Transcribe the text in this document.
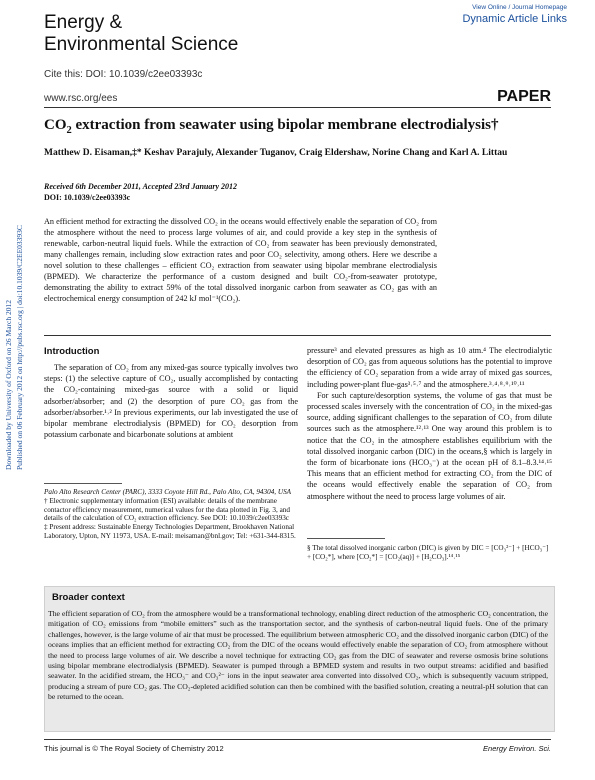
Energy &
Environmental Science
View Online / Journal Homepage
Dynamic Article Links
Cite this: DOI: 10.1039/c2ee03393c
www.rsc.org/ees	PAPER
Downloaded by University of Oxford on 26 March 2012 Published on 06 February 2012 on http://pubs.rsc.org | doi:10.1039/C2EE03393C
$CO_2$ extraction from seawater using bipolar membrane electrodialysis†
Matthew D. Eisaman,‡* Keshav Parajuly, Alexander Tuganov, Craig Eldershaw, Norine Chang and Karl A. Littau
Received 6th December 2011, Accepted 23rd January 2012
DOI: 10.1039/c2ee03393c
An efficient method for extracting the dissolved CO₂ in the oceans would effectively enable the separation of CO₂ from the atmosphere without the need to process large volumes of air, and could provide a key step in the synthesis of renewable, carbon-neutral liquid fuels. While the extraction of CO₂ from seawater has been previously demonstrated, many challenges remain, including slow extraction rates and poor CO₂ selectivity, among others. Here we describe a novel solution to these challenges – efficient CO₂ extraction from seawater using bipolar membrane electrodialysis (BPMED). We characterize the performance of a custom designed and built CO₂-from-seawater prototype, demonstrating the ability to extract 59% of the total dissolved inorganic carbon from seawater as CO₂ gas with an electrochemical energy consumption of 242 kJ mol⁻¹(CO₂).
Introduction

The separation of CO₂ from any mixed-gas source typically involves two steps: (1) the selective capture of CO₂, usually accomplished by contacting the CO₂-containing mixed-gas source with a solid or liquid adsorber/absorber; and (2) the desorption of pure CO₂ gas from the adsorber/absorber.¹˒² In previous experiments, our lab investigated the use of bipolar membrane electrodialysis (BPMED) for CO₂ desorption from potassium carbonate and bicarbonate solutions at ambient

pressure³ and elevated pressures as high as 10 atm.⁴ The electrodialytic desorption of CO₂ gas from aqueous solutions has the potential to improve the efficiency of CO₂ separation from a wide array of mixed gas sources, including power-plant flue-gas³˒⁵˒⁷ and the atmosphere.³˒⁴˒⁸˒⁹˒¹⁰˒¹¹

For such capture/desorption systems, the volume of gas that must be processed scales inversely with the concentration of CO₂ in the mixed-gas source, adding significant challenges to the separation of CO₂ from dilute sources such as the atmosphere.¹²˒¹³ One way around this problem is to notice that the CO₂ in the atmosphere establishes equilibrium with the total dissolved inorganic carbon (DIC) in the oceans,§ which is largely in the form of bicarbonate ions (HCO₃⁻) at the ocean pH of 8.1–8.3.¹⁴˒¹⁵ This means that an efficient method for extracting CO₂ from the DIC of the oceans would effectively enable the separation of CO₂ from atmosphere without the need to process large volumes of air.

Palo Alto Research Center (PARC), 3333 Coyote Hill Rd., Palo Alto, CA, 94304, USA

† Electronic supplementary information (ESI) available: details of the membrane contactor efficiency measurement, numerical values for the data plotted in Fig. 3, and details of the calculation of CO₂ extraction efficiency. See DOI: 10.1039/c2ee03393c

‡ Present address: Sustainable Energy Technologies Department, Brookhaven National Laboratory, Upton, NY 11973, USA. E-mail: meisaman@bnl.gov; Tel: +631-344-8315.

§ The total dissolved inorganic carbon (DIC) is given by DIC = [CO₃²⁻] + [HCO₃⁻] + [CO₂*], where [CO₂*] = [CO₂(aq)] + [H₂CO₃].¹⁴˒¹⁵
Broader context
The efficient separation of CO₂ from the atmosphere would be a transformational technology, enabling direct reduction of the atmospheric CO₂ concentration, the mitigation of CO₂ emissions from “mobile emitters” such as the transportation sector, and the synthesis of carbon-neutral liquid fuels. One of the primary challenges, however, is the large volume of air that must be processed. The equilibrium between atmospheric CO₂ and the dissolved inorganic carbon (DIC) of the oceans implies that an efficient method for extracting CO₂ from the DIC of the oceans would effectively enable the separation of CO₂ from atmosphere without the need to process large volumes of air. We describe a novel technique for extracting CO₂ gas from the DIC of seawater and reverse osmosis brine solutions using bipolar membrane electrodialysis (BPMED). Seawater is pumped through a BPMED system and results in two output streams: acidified and basified seawater. In the acidified stream, the HCO₃⁻ and CO₃²⁻ ions in the input seawater area converted into dissolved CO₂, which is subsequently vacuum stripped, producing a stream of pure CO₂ gas. The CO₂-depleted acidified solution can then be combined with the basified solution, creating a neutral-pH solution that can be returned to the ocean.
This journal is © The Royal Society of Chemistry 2012	Energy Environ. Sci.
